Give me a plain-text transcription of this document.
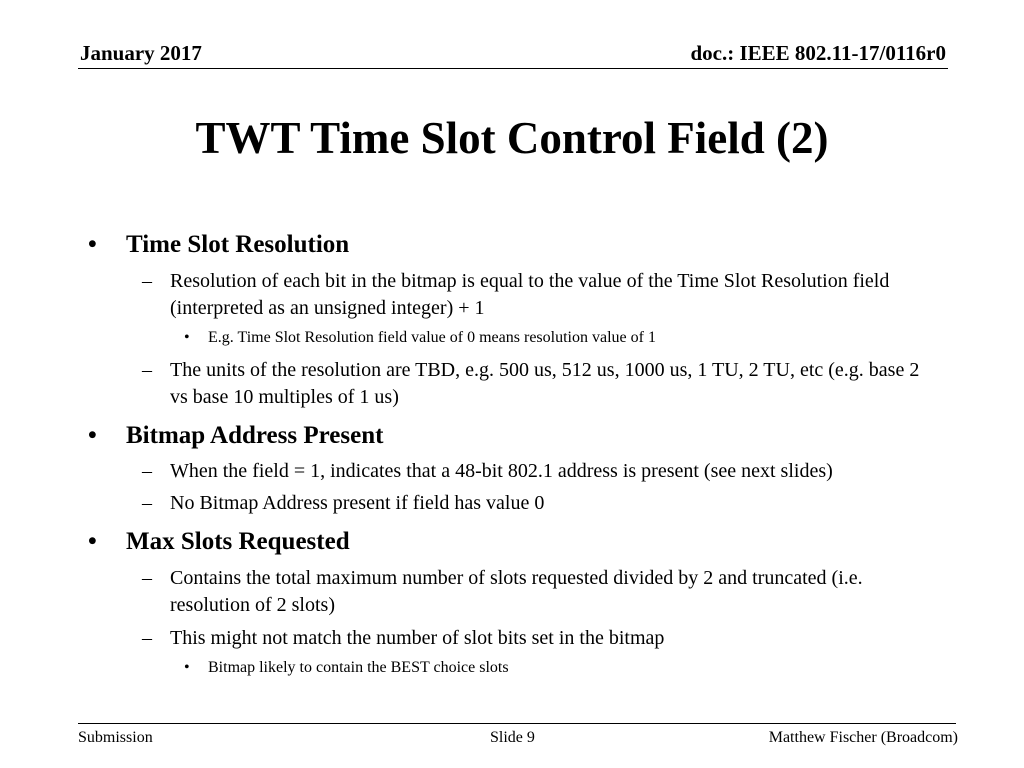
January 2017	doc.: IEEE 802.11-17/0116r0
TWT Time Slot Control Field (2)
• Time Slot Resolution
– Resolution of each bit in the bitmap is equal to the value of the Time Slot Resolution field (interpreted as an unsigned integer) + 1
• E.g. Time Slot Resolution field value of 0 means resolution value of 1
– The units of the resolution are TBD, e.g. 500 us, 512 us, 1000 us, 1 TU, 2 TU, etc (e.g. base 2 vs base 10 multiples of 1 us)
• Bitmap Address Present
– When the field = 1, indicates that a 48-bit 802.1 address is present (see next slides)
– No Bitmap Address present if field has value 0
• Max Slots Requested
– Contains the total maximum number of slots requested divided by 2 and truncated (i.e. resolution of 2 slots)
– This might not match the number of slot bits set in the bitmap
• Bitmap likely to contain the BEST choice slots
Submission	Slide 9	Matthew Fischer (Broadcom)
